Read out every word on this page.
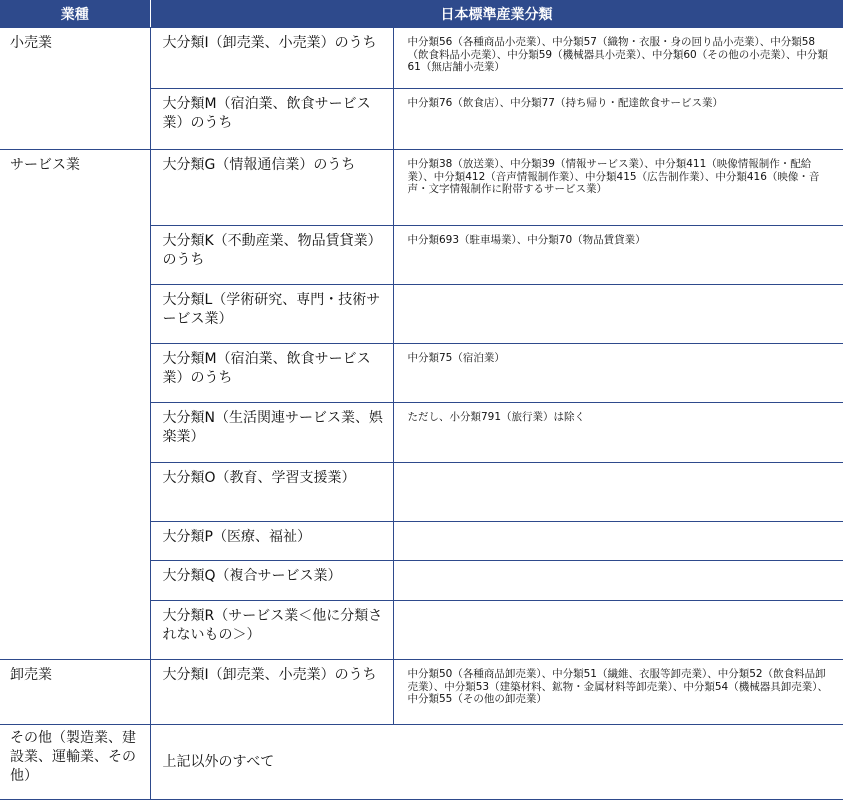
業種	日本標準産業分類	
小売業	大分類I（卸売業、小売業）のうち	中分類56（各種商品小売業）、中分類57（織物・衣服・身の回り品小売業）、中分類58（飲食料品小売業）、中分類59（機械器具小売業）、中分類60（その他の小売業）、中分類61（無店舗小売業）
	大分類M（宿泊業、飲食サービス業）のうち	中分類76（飲食店）、中分類77（持ち帰り・配達飲食サービス業）
サービス業	大分類G（情報通信業）のうち	中分類38（放送業）、中分類39（情報サービス業）、中分類411（映像情報制作・配給業）、中分類412（音声情報制作業）、中分類415（広告制作業）、中分類416（映像・音声・文字情報制作に附帯するサービス業）
	大分類K（不動産業、物品賃貸業）のうち	中分類693（駐車場業）、中分類70（物品賃貸業）
	大分類L（学術研究、専門・技術サービス業）	
	大分類M（宿泊業、飲食サービス業）のうち	中分類75（宿泊業）
	大分類N（生活関連サービス業、娯楽業）	ただし、小分類791（旅行業）は除く
	大分類O（教育、学習支援業）	
	大分類P（医療、福祉）	
	大分類Q（複合サービス業）	
	大分類R（サービス業＜他に分類されないもの＞）	
卸売業	大分類I（卸売業、小売業）のうち	中分類50（各種商品卸売業）、中分類51（繊維、衣服等卸売業）、中分類52（飲食料品卸売業）、中分類53（建築材料、鉱物・金属材料等卸売業）、中分類54（機械器具卸売業）、中分類55（その他の卸売業）
その他（製造業、建設業、運輸業、その他）	上記以外のすべて	
